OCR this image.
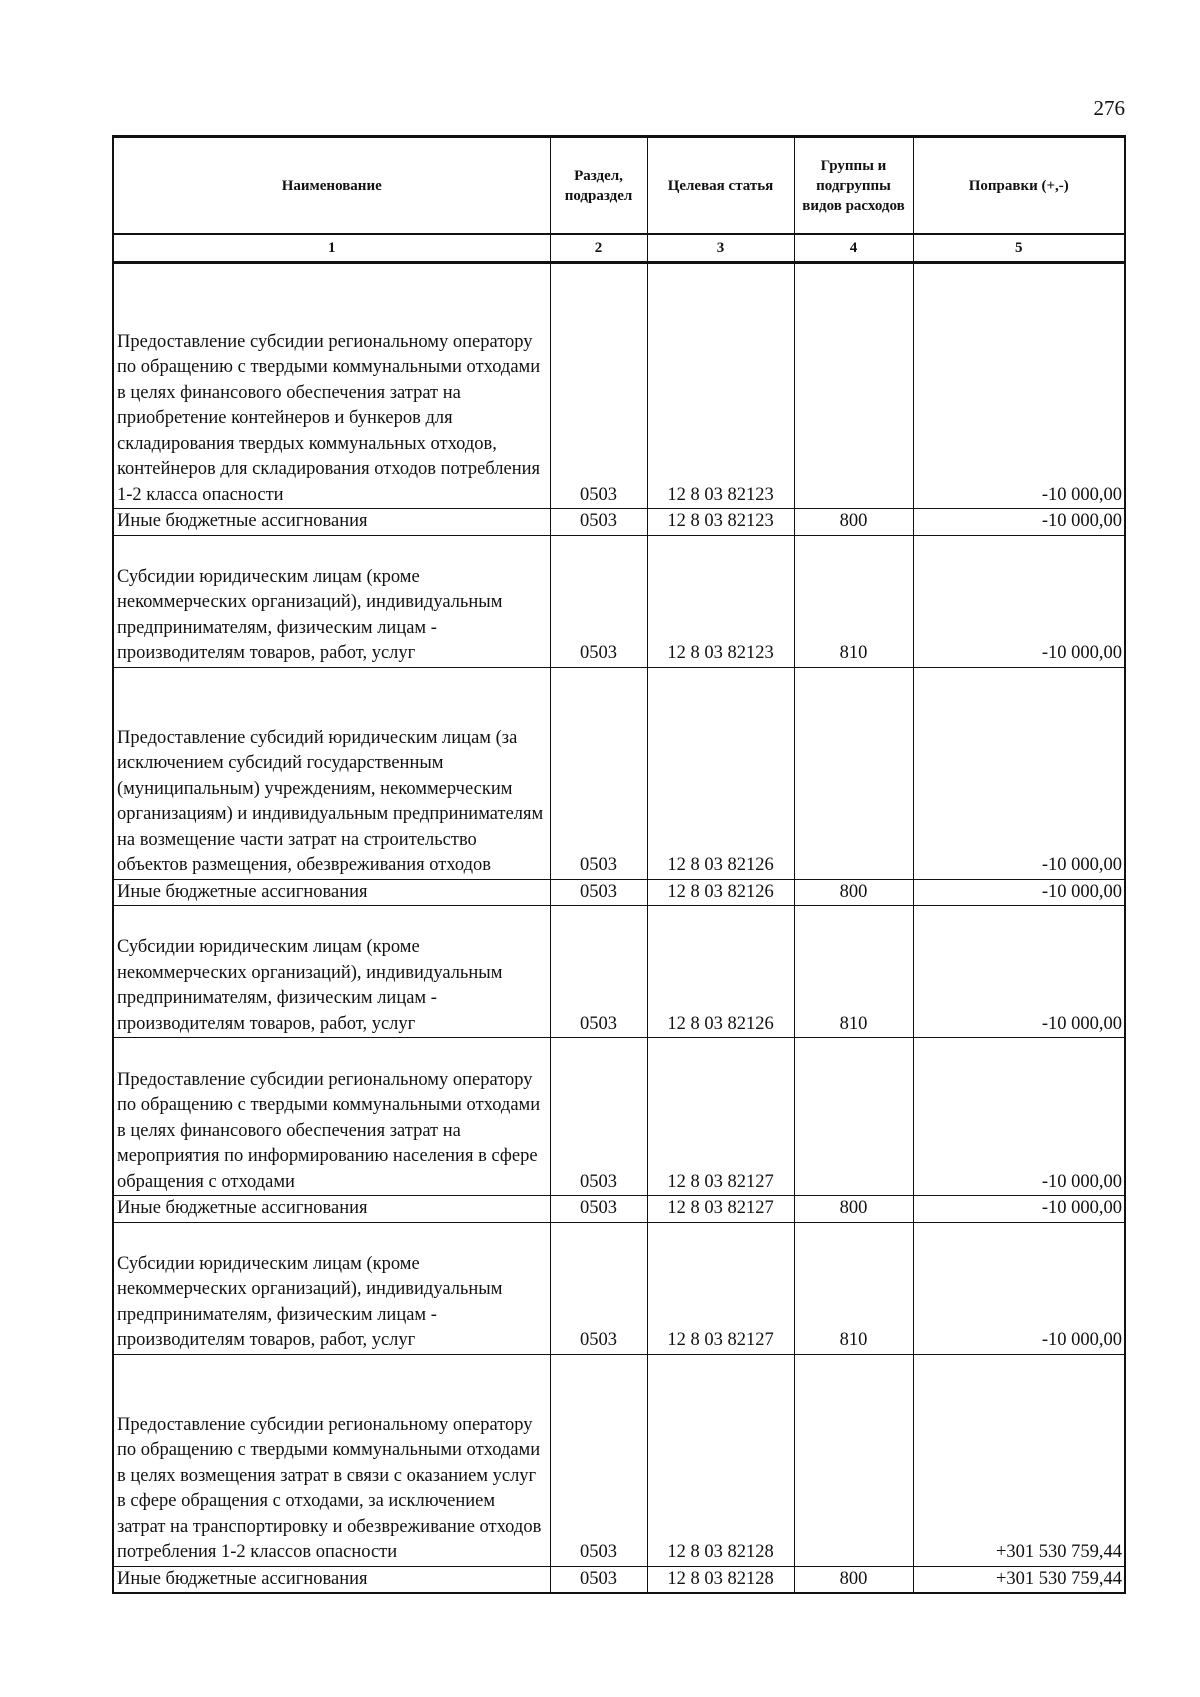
276
Наименование	Раздел, подраздел	Целевая статья	Группы и подгруппы видов расходов	Поправки (+,-)
1	2	3	4	5
Предоставление субсидии региональному оператору по обращению с твердыми коммунальными отходами в целях финансового обеспечения затрат на приобретение контейнеров и бункеров для складирования твердых коммунальных отходов, контейнеров для складирования отходов потребления 1-2 класса опасности	0503	12 8 03 82123		-10 000,00
Иные бюджетные ассигнования	0503	12 8 03 82123	800	-10 000,00
Субсидии юридическим лицам (кроме некоммерческих организаций), индивидуальным предпринимателям, физическим лицам - производителям товаров, работ, услуг	0503	12 8 03 82123	810	-10 000,00
Предоставление субсидий юридическим лицам (за исключением субсидий государственным (муниципальным) учреждениям, некоммерческим организациям) и индивидуальным предпринимателям на возмещение части затрат на строительство объектов размещения, обезвреживания отходов	0503	12 8 03 82126		-10 000,00
Иные бюджетные ассигнования	0503	12 8 03 82126	800	-10 000,00
Субсидии юридическим лицам (кроме некоммерческих организаций), индивидуальным предпринимателям, физическим лицам - производителям товаров, работ, услуг	0503	12 8 03 82126	810	-10 000,00
Предоставление субсидии региональному оператору по обращению с твердыми коммунальными отходами в целях финансового обеспечения затрат на мероприятия по информированию населения в сфере обращения с отходами	0503	12 8 03 82127		-10 000,00
Иные бюджетные ассигнования	0503	12 8 03 82127	800	-10 000,00
Субсидии юридическим лицам (кроме некоммерческих организаций), индивидуальным предпринимателям, физическим лицам - производителям товаров, работ, услуг	0503	12 8 03 82127	810	-10 000,00
Предоставление субсидии региональному оператору по обращению с твердыми коммунальными отходами в целях возмещения затрат в связи с оказанием услуг в сфере обращения с отходами, за исключением затрат на транспортировку и обезвреживание отходов потребления 1-2 классов опасности	0503	12 8 03 82128		+301 530 759,44
Иные бюджетные ассигнования	0503	12 8 03 82128	800	+301 530 759,44
